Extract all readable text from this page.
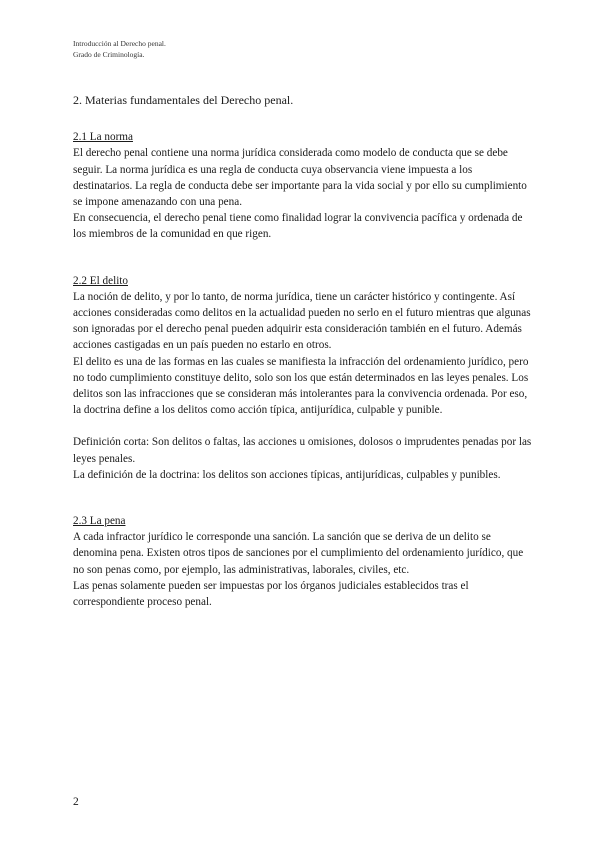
Introducción al Derecho penal.
Grado de Criminología.

2. Materias fundamentales del Derecho penal.

2.1 La norma

El derecho penal contiene una norma jurídica considerada como modelo de conducta que se debe seguir. La norma jurídica es una regla de conducta cuya observancia viene impuesta a los destinatarios. La regla de conducta debe ser importante para la vida social y por ello su cumplimiento se impone amenazando con una pena.

En consecuencia, el derecho penal tiene como finalidad lograr la convivencia pacífica y ordenada de los miembros de la comunidad en que rigen.

2.2 El delito

La noción de delito, y por lo tanto, de norma jurídica, tiene un carácter histórico y contingente. Así acciones consideradas como delitos en la actualidad pueden no serlo en el futuro mientras que algunas son ignoradas por el derecho penal pueden adquirir esta consideración también en el futuro. Además acciones castigadas en un país pueden no estarlo en otros.

El delito es una de las formas en las cuales se manifiesta la infracción del ordenamiento jurídico, pero no todo cumplimiento constituye delito, solo son los que están determinados en las leyes penales. Los delitos son las infracciones que se consideran más intolerantes para la convivencia ordenada. Por eso, la doctrina define a los delitos como acción típica, antijurídica, culpable y punible.

Definición corta: Son delitos o faltas, las acciones u omisiones, dolosos o imprudentes penadas por las leyes penales.

La definición de la doctrina: los delitos son acciones típicas, antijurídicas, culpables y punibles.

2.3 La pena

A cada infractor jurídico le corresponde una sanción. La sanción que se deriva de un delito se denomina pena. Existen otros tipos de sanciones por el cumplimiento del ordenamiento jurídico, que no son penas como, por ejemplo, las administrativas, laborales, civiles, etc.

Las penas solamente pueden ser impuestas por los órganos judiciales establecidos tras el correspondiente proceso penal.

2
